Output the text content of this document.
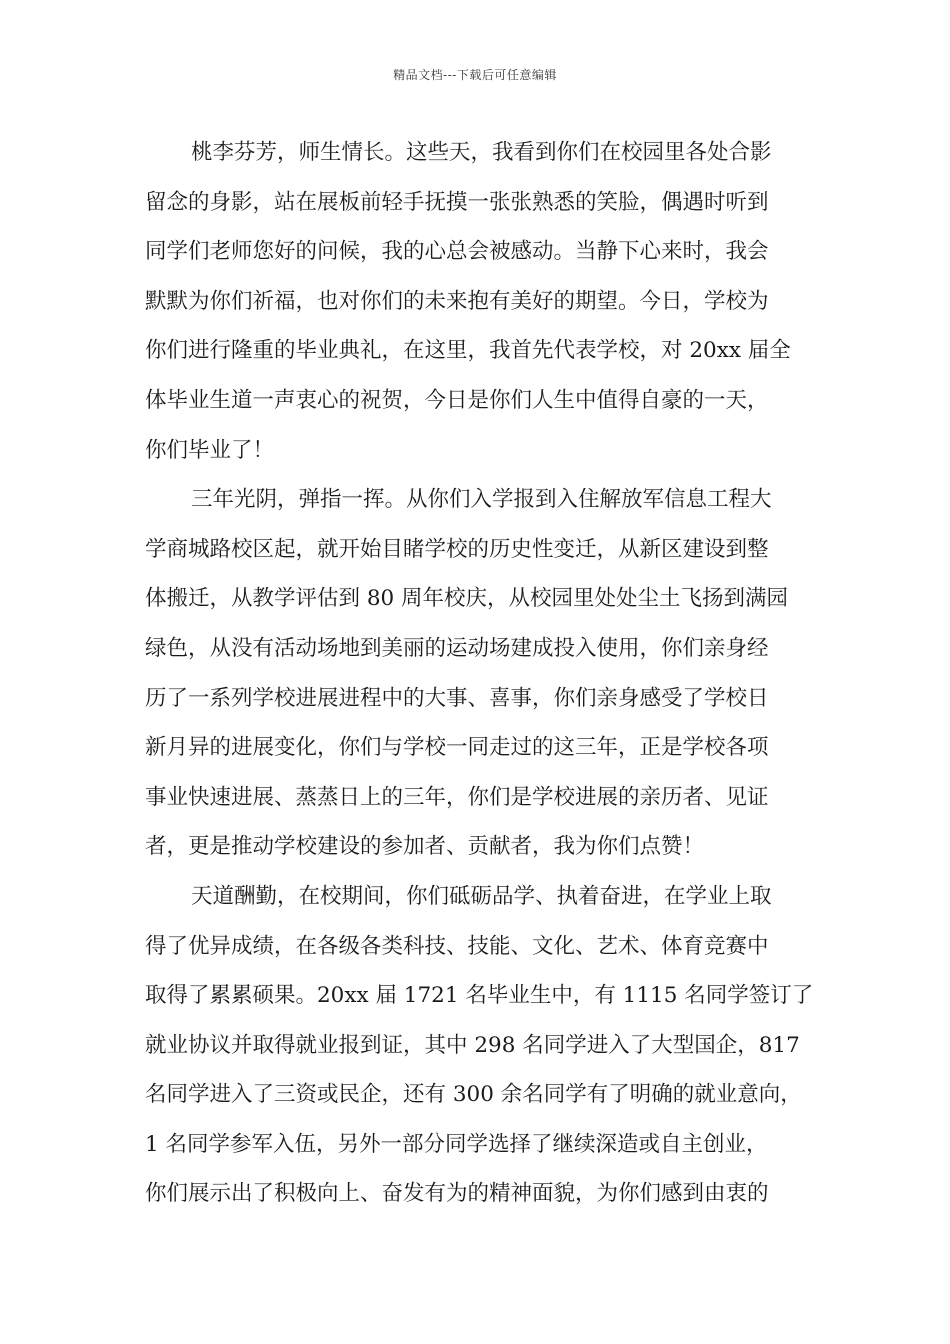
精品文档---下载后可任意编辑
桃李芬芳，师生情长。这些天，我看到你们在校园里各处合影
留念的身影，站在展板前轻手抚摸一张张熟悉的笑脸，偶遇时听到
同学们老师您好的问候，我的心总会被感动。当静下心来时，我会
默默为你们祈福，也对你们的未来抱有美好的期望。今日，学校为
你们进行隆重的毕业典礼，在这里，我首先代表学校，对 20xx 届全
体毕业生道一声衷心的祝贺，今日是你们人生中值得自豪的一天，
你们毕业了！
三年光阴，弹指一挥。从你们入学报到入住解放军信息工程大
学商城路校区起，就开始目睹学校的历史性变迁，从新区建设到整
体搬迁，从教学评估到 80 周年校庆，从校园里处处尘土飞扬到满园
绿色，从没有活动场地到美丽的运动场建成投入使用，你们亲身经
历了一系列学校进展进程中的大事、喜事，你们亲身感受了学校日
新月异的进展变化，你们与学校一同走过的这三年，正是学校各项
事业快速进展、蒸蒸日上的三年，你们是学校进展的亲历者、见证
者，更是推动学校建设的参加者、贡献者，我为你们点赞！
天道酬勤，在校期间，你们砥砺品学、执着奋进，在学业上取
得了优异成绩，在各级各类科技、技能、文化、艺术、体育竞赛中
取得了累累硕果。20xx 届 1721 名毕业生中，有 1115 名同学签订了
就业协议并取得就业报到证，其中 298 名同学进入了大型国企，817
名同学进入了三资或民企，还有 300 余名同学有了明确的就业意向，
1 名同学参军入伍，另外一部分同学选择了继续深造或自主创业，
你们展示出了积极向上、奋发有为的精神面貌，为你们感到由衷的
